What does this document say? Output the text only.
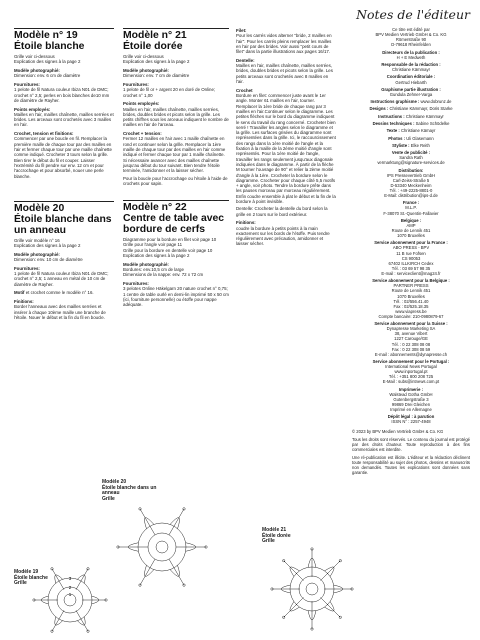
Modèle n° 19
Étoile blanche
Grille voir ci-dessous
Explication des signes à la page 2
Modèle photographié:
Dimension: env. 6 cm de diamètre
Fournitures:
1 pelote de fil Natura couleur Ibiza N01 de DMC; crochet n° 2,5; perles en bois blanches de10 mm de diamètre de Rayher.
Points employés:
Mailles en l'air, mailles chaînette, mailles serrées et brides. Les arceaux sont crochetés avec 3 mailles en l'air.
Crochet, tension et finitions:
Commencer par une boucle en fil. Remplacer la première maille de chaque tour par des mailles en l'air et fermer chaque tour par une maille chaînette comme indiqué. Crocheter 3 tours selon la grille. Bien tirer le début du fil et couper. Laisser l'extrémité du fil pendre sur env. 12 cm et pour l'accrochage et pour absorbé, nouer une perle blanche.
Modèle 20
Étoile blanche dans un anneau
Grille voir modèle n° 16
Explication des signes à la page 2
Modèle photographié:
Dimension: env. 10 cm de diamètre
Fournitures:
1 pelote de fil Natura couleur Ibiza N01 de DMC; crochet n° 2,5; 1 anneau en métal de 10 cm de diamètre de Rayher.
Motif et crochet comme le modèle n° 16.
Finitions:
Border l'anneaux avec des mailles serrées et insérer à chaque 10ème maille une branche de l'étoile. Nouer le début et la fin du fil en boucle.
Modèle n° 21
Étoile dorée
Grille voir ci-dessous
Explication des signes à la page 2
Modèle photographié:
Dimension: env. 7 cm de diamètre
Fournitures:
1 pelote de fil or + argent 20 en doré de Online; crochet n° 1,00
Points employés:
Mailles en l'air, mailles chaînette, mailles serrées, brides, doubles brides et picots selon la grille. Les petits chiffres sous les arceaux indiquent le nombre de mailles en l'air de l'arceau.
Crochet + tension:
Fermer 12 mailles en l'air avec 1 maille chaînette en rond et continuer selon la grille. Remplacer la 1ère maille de chaque tour par des mailles en l'air comme indiqué et fermer chaque tour par 1 maille chaînette. Si nécessaire avancer avec des mailles chaînette jusqu'au début du tour suivant. Bien tendre l'étoile terminée, l'amidonner et la laisser sécher.
Pour la boucle pour l'accrochage ou l'étoile à l'aide de crochets pour sapin.
Modèle n° 22
Centre de table avec bordure de cerfs
Diagramme pour la bordure en filet voir page 10
Grille pour l'angle voir page 11
Grille pour la bordure en dentelle voir page 10
Explication des signes à la page 2
Modèle photographié:
Bordures: env.10,5 cm de large
Dimensions de la nappe: env. 72 x 72 cm
Fournitures:
3 pelotes Online Häkelgarn 20 nature crochet n° 0,75; 1 centre de table ourlé en demi-lin imprimé 50 x 50 cm (ici, fourniture personnelle) ou étoffe pour nappe adéquate.
Filet:
Pour les carrés vides alterner "bride, 2 mailles en l'air". Pour les carrés pleins remplacer les mailles en l'air par des brides. Voir aussi "petit cours de filet" dans la partie illustrations aux pages 16/17.
Dentelle:
Mailles en l'air, mailles chaînette, mailles serrées, brides, doubles brides et picots selon la grille. Les petits arceaux sont crochetés avec 8 mailles en l'air.
Crochet
Bordure en filet: commencer juste avant le 1er angle. Monter 61 mailles en l'air, tourner. Remplacer la 1ère bride de chaque rang par 3 mailles en l'air.Continuer selon le diagramme. Les petites flèches sur le bord du diagramme indiquent le sens du travail du rang concerné. Crocheter bien serré ! Travailler les angles selon le diagramme et la grille. Les surfaces grisées du diagramme sont représentées dans la grille. Ici, le raccourcissement des rangs dans la 1ère moitié de l'angle et la fixation à la maille de la 2ème moitié d'angle sont représentés. Pour la 1ère moitié de l'angle, travailler les rangs seulement jusqu'aux diagonale indiquées dans le diagramme. À partir de la flèche M tourner l'ouvrage de 90° et relier la 2ème moitié d'angle à la 1ère. Crocheter la bordure selon le diagramme. Crocheter pour chaque côté 5,5 motifs + angle, voir photo. Tendre la bordure prête dans les pauses morceau par morceau régulièrement. Enfin coudre ensemble à plat le début et la fin de la bordure à point invisible.
Dentelle: Crocheter la dentelle du bord selon la grille en 2 tours sur le bord extérieur.
Finitions:
coudre la bordure à petits points à la main exactement sur les bords de l'étoffe. Puis tendre régulièrement avec précaution, amidonner et laisser sécher.
Notes de l'éditeur
Ce titre est édité par
BPV Medien Vertrieb GmbH & Co. KG
Römerstraße 90
D-79618 Rheinfelden
Directeurs de la publication :
H + E Medweth
Responsable de la rédaction :
Christiane Kämmayr
Coordination éditoriale :
Gertrud Hiebarth
Graphisme partie illustration :
Gundula Zehner-Varga
Instructions graphisme : www.dobrunz.de
Designs : Christiane Kämmayr, Doris Starke
Instructions : Christiane Kämmayr
Dessins techniques : Sabine Schödelke
Texte : Christiane Kämayr
Photos : Uli Glasemann
Styliste : Elke Reith
Vente de publicité :
Sandra Rath
vermarktung@signature-services.de
Distribution:
IPS Pressevertrieb GmbH
Carl-Zeiss-Straße 5
D-53340 Meckenheim
Tél. : +49-2225-8801-0
E-Mail: distribution@ips-d.de
France :
M.L.P.
F-38070 St.-Quentin-Fallavier
Belgique :
AMP
Route de Lennik 451
1070 Bruxelles
Service abonnement pour la France :
ABO PRESS - BPV
11 B rue Fofsen
CS 90053
67402 ILLKIRCH Cedex
Tél. : 03 69 57 98 35
E-mail : serviceclient@mag24.fr
Service abonnement pour la Belgique :
PARTNER PRESS
Route de Lennik 451
1070 Bruxelles
Tél. : 02/556.41.40
Fax : 02/525.18.35
www.viapress.be
Compte bancaire: 210-0980879-67
Service abonnement pour la Suisse :
Dynapresse Marketing SA
38, avenue Vibert
1227 Carouge/GE
Tél. : 0 22 308 08 08
Fax : 0 22 308 08 59
E-mail : abonnements@dynapresse.ch
Service abonnement pour le Portugal :
International News Portugal
www.inportugal.pt
Tél. : +351 800 208 725
E-Mail : subs@intnews.com.pt
Imprimerie :
Walstead Gotha GmbH
Gutenbergstraße 3
99869 Drei Gleichen
Imprimé en Allemagne
Dépôt légal : à parution
ISSN N° : 2257-4948
© 2023 by BPV Medien Vertrieb GmbH & Co. KG
Tous les droits sont réservés. Le contenu du journal est protégé par des droits d'auteur. Toute reproduction à des fins commerciales est interdite.
Une ré-publication est illicite. L'éditeur et la rédaction déclinent toute responsabilité au sujet des photos, dessins et manuscrits non demandés. Toutes les explications sont données sans garantie.
Modèle 19
Étoile blanche
Grille
Modèle 20
Étoile blanche dans un
anneau
Grille
Modèle 21
Étoile dorée
Grille
1
2
3
